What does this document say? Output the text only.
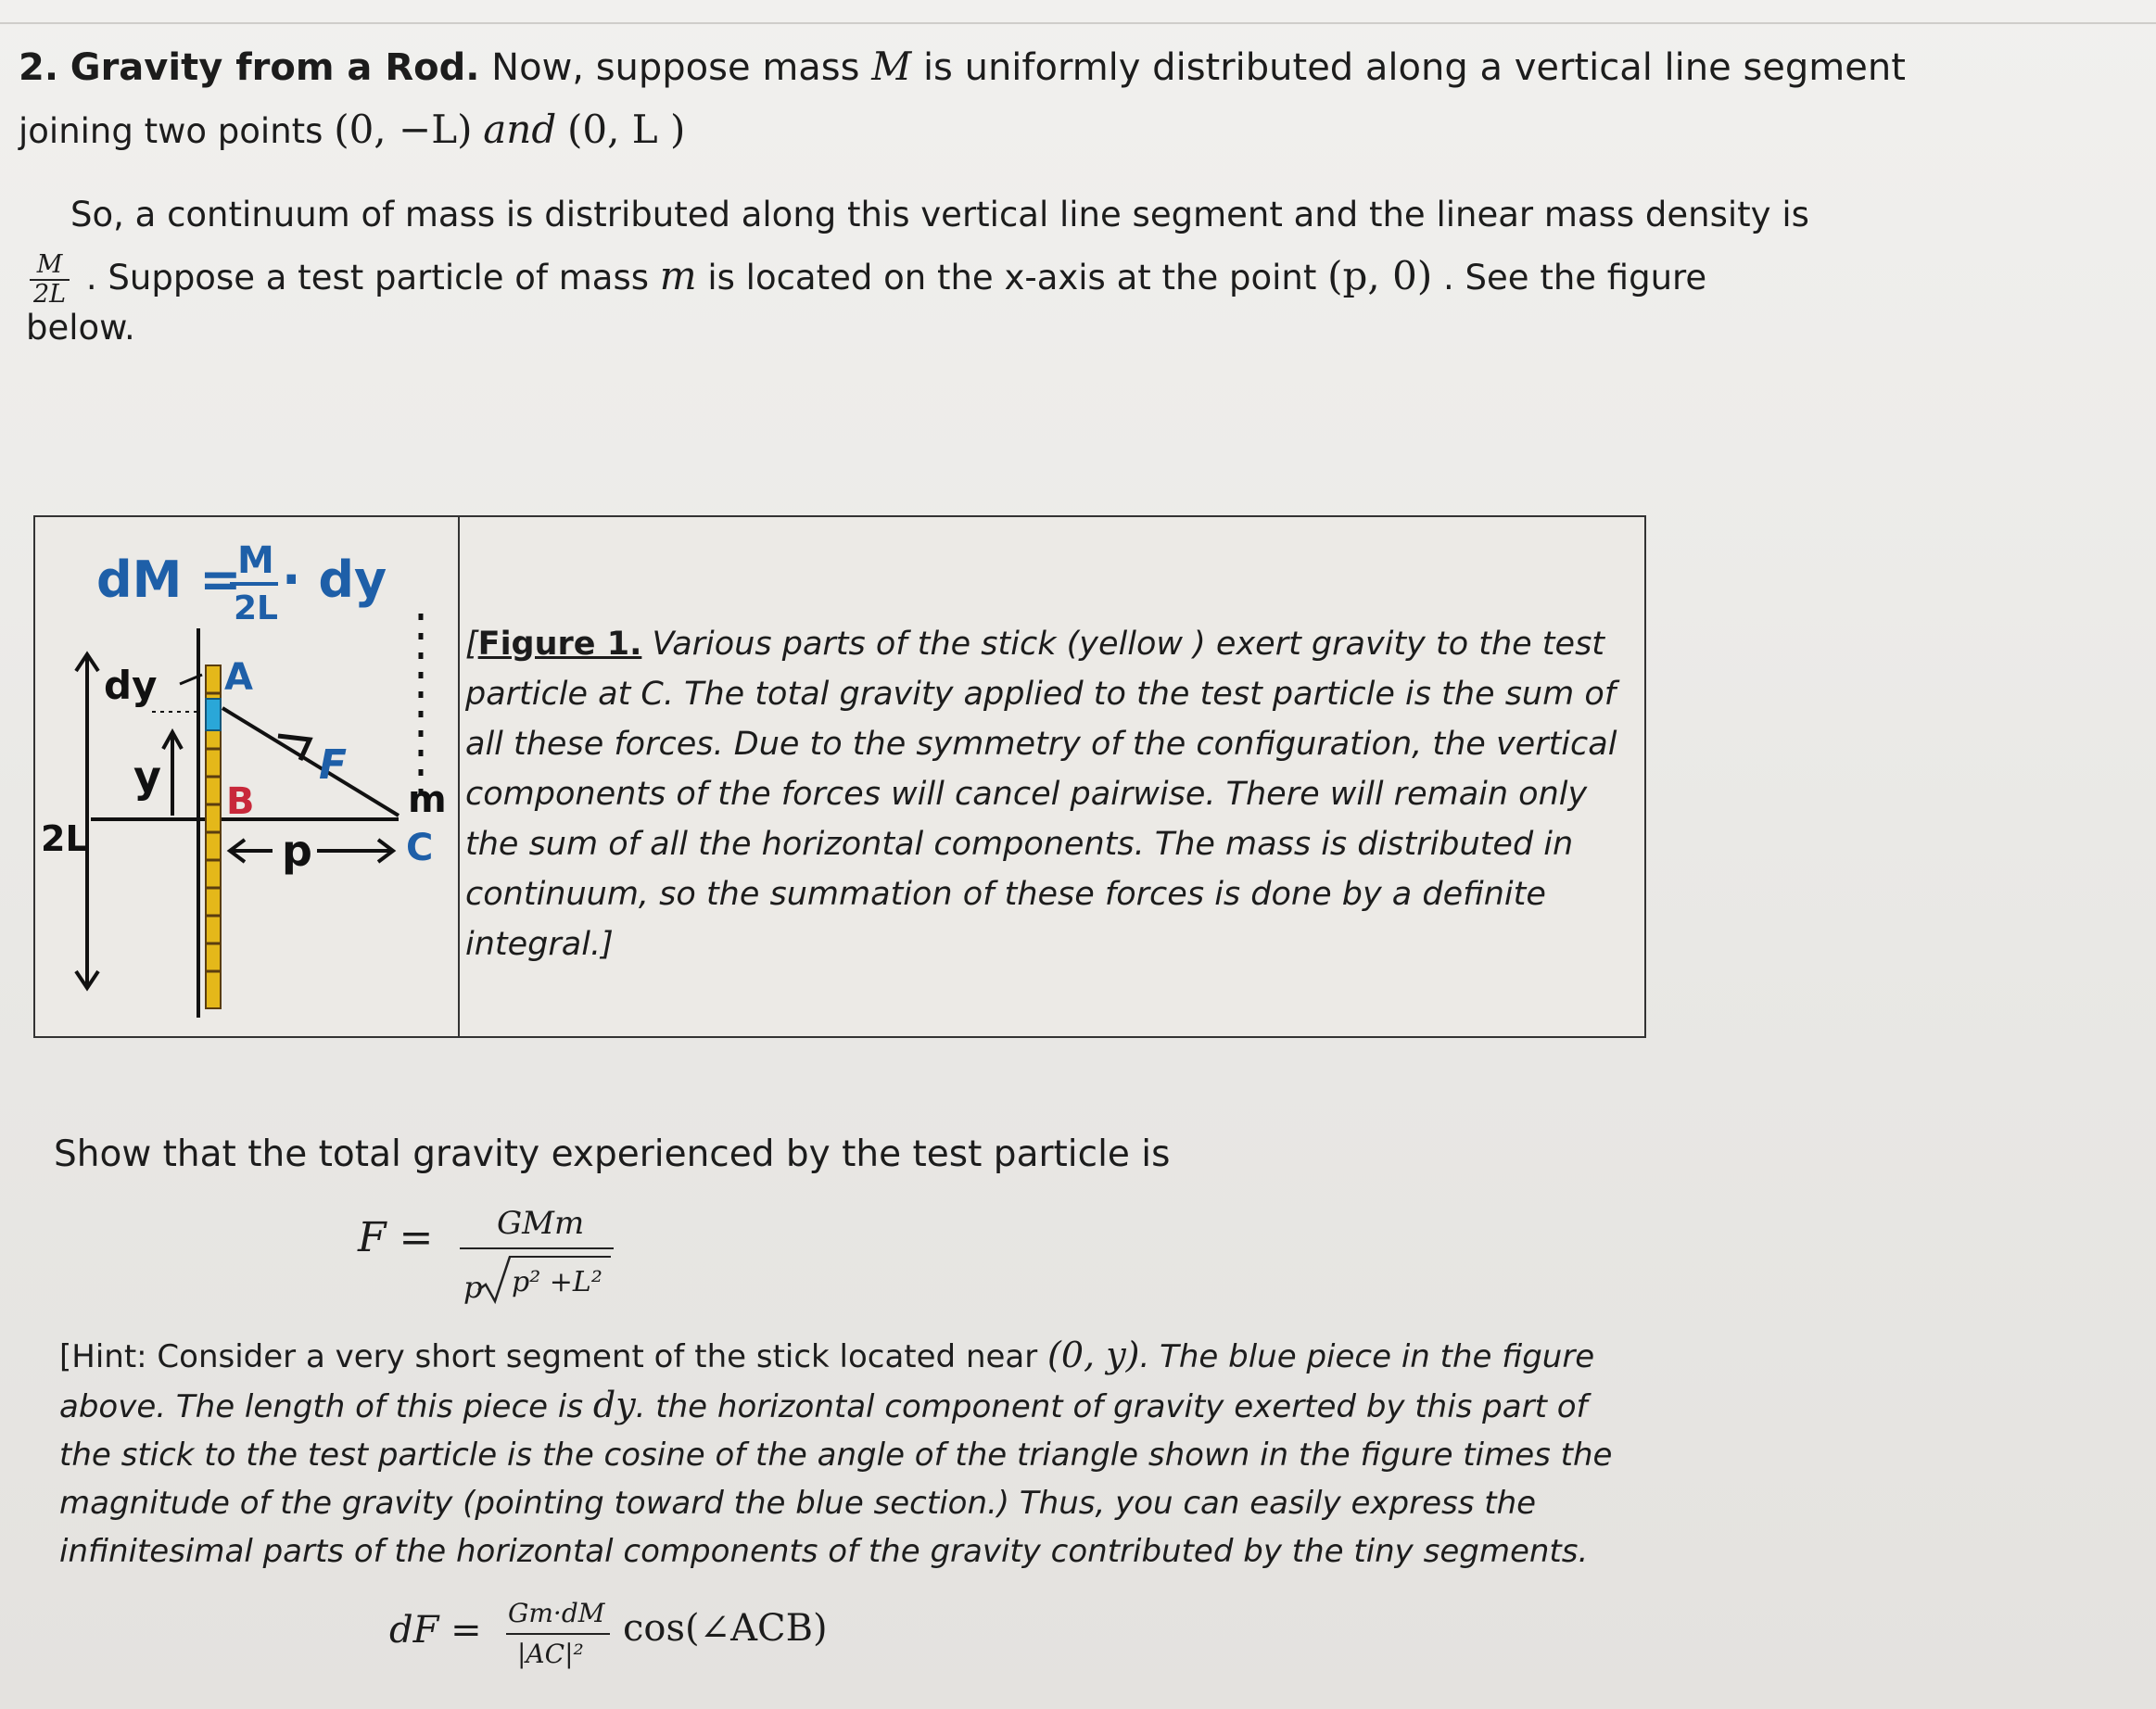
2. Gravity from a Rod. Now, suppose mass M is uniformly distributed along a vertical line segment
joining two points (0, −L) and (0, L )
So, a continuum of mass is distributed along this vertical line segment and the linear mass density is
$\frac{M}{2L}$ . Suppose a test particle of mass m is located on the x-axis at the point (p, 0) . See the figure
below.
dM =
M
2L · dy
2L
dy
y
A
B
F
m
C
p
[Figure 1. Various parts of the stick (yellow ) exert gravity to the test particle at C. The total gravity applied to the test particle is the sum of all these forces. Due to the symmetry of the configuration, the vertical components of the forces will cancel pairwise. There will remain only the sum of all the horizontal components. The mass is distributed in continuum, so the summation of these forces is done by a definite integral.]
Show that the total gravity experienced by the test particle is
F = GMm
p p² +L²
[Hint: Consider a very short segment of the stick located near (0, y). The blue piece in the figure above. The length of this piece is dy. the horizontal component of gravity exerted by this part of the stick to the test particle is the cosine of the angle of the triangle shown in the figure times the magnitude of the gravity (pointing toward the blue section.) Thus, you can easily express the infinitesimal parts of the horizontal components of the gravity contributed by the tiny segments.
dF = Gm·dM
|AC|²
cos(∠ACB)
